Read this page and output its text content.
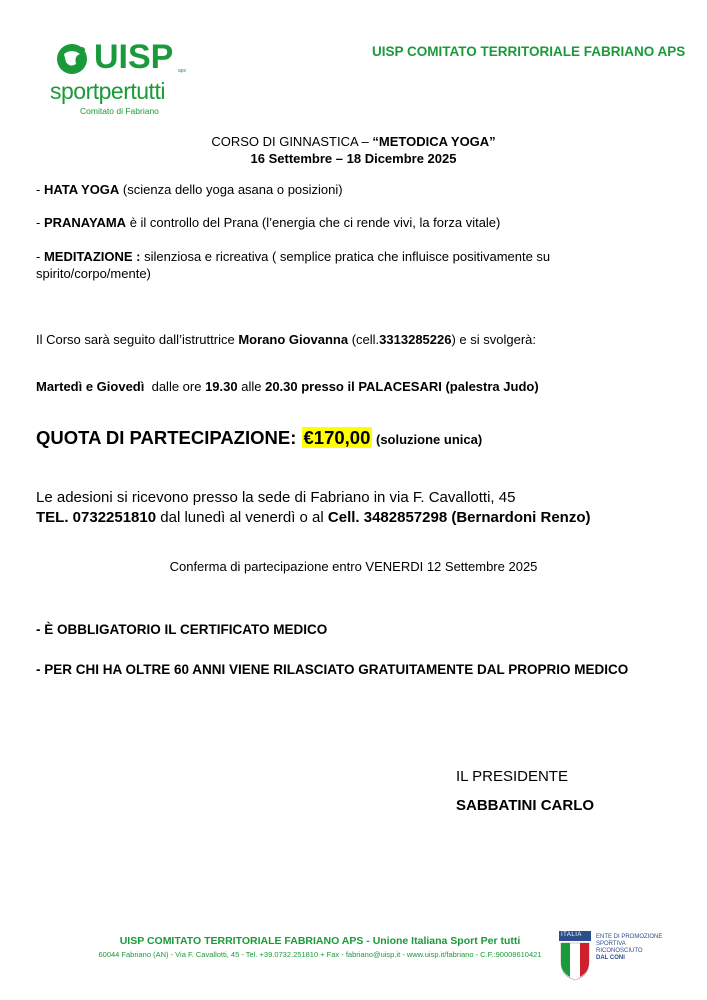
UISP UISP aps
sportpertutti
Comitato di Fabriano
UISP COMITATO TERRITORIALE FABRIANO APS
CORSO DI GINNASTICA – “METODICA YOGA”
16 Settembre – 18 Dicembre 2025
- HATA YOGA (scienza dello yoga asana o posizioni)
- PRANAYAMA è il controllo del Prana (l’energia che ci rende vivi, la forza vitale)
- MEDITAZIONE : silenziosa e ricreativa ( semplice pratica che influisce positivamente su
spirito/corpo/mente)
Il Corso sarà seguito dall’istruttrice Morano Giovanna (cell.3313285226) e si svolgerà:
Martedì e Giovedì  dalle ore 19.30 alle 20.30 presso il PALACESARI (palestra Judo)
QUOTA DI PARTECIPAZIONE: €170,00 (soluzione unica)
Le adesioni si ricevono presso la sede di Fabriano in via F. Cavallotti, 45
TEL. 0732251810 dal lunedì al venerdì o al Cell. 3482857298 (Bernardoni Renzo)
Conferma di partecipazione entro VENERDI 12 Settembre 2025
- È OBBLIGATORIO IL CERTIFICATO MEDICO
- PER CHI HA OLTRE 60 ANNI VIENE RILASCIATO GRATUITAMENTE DAL PROPRIO MEDICO
IL PRESIDENTE
SABBATINI CARLO
UISP COMITATO TERRITORIALE FABRIANO APS - Unione Italiana Sport Per tutti
60044 Fabriano (AN) - Via F. Cavallotti, 45 - Tel. +39.0732.251810 + Fax - fabriano@uisp.it - www.uisp.it/fabriano - C.F.:90008610421
ITALIA ENTE DI PROMOZIONE
SPORTIVA
RICONOSCIUTO
DAL CONI
